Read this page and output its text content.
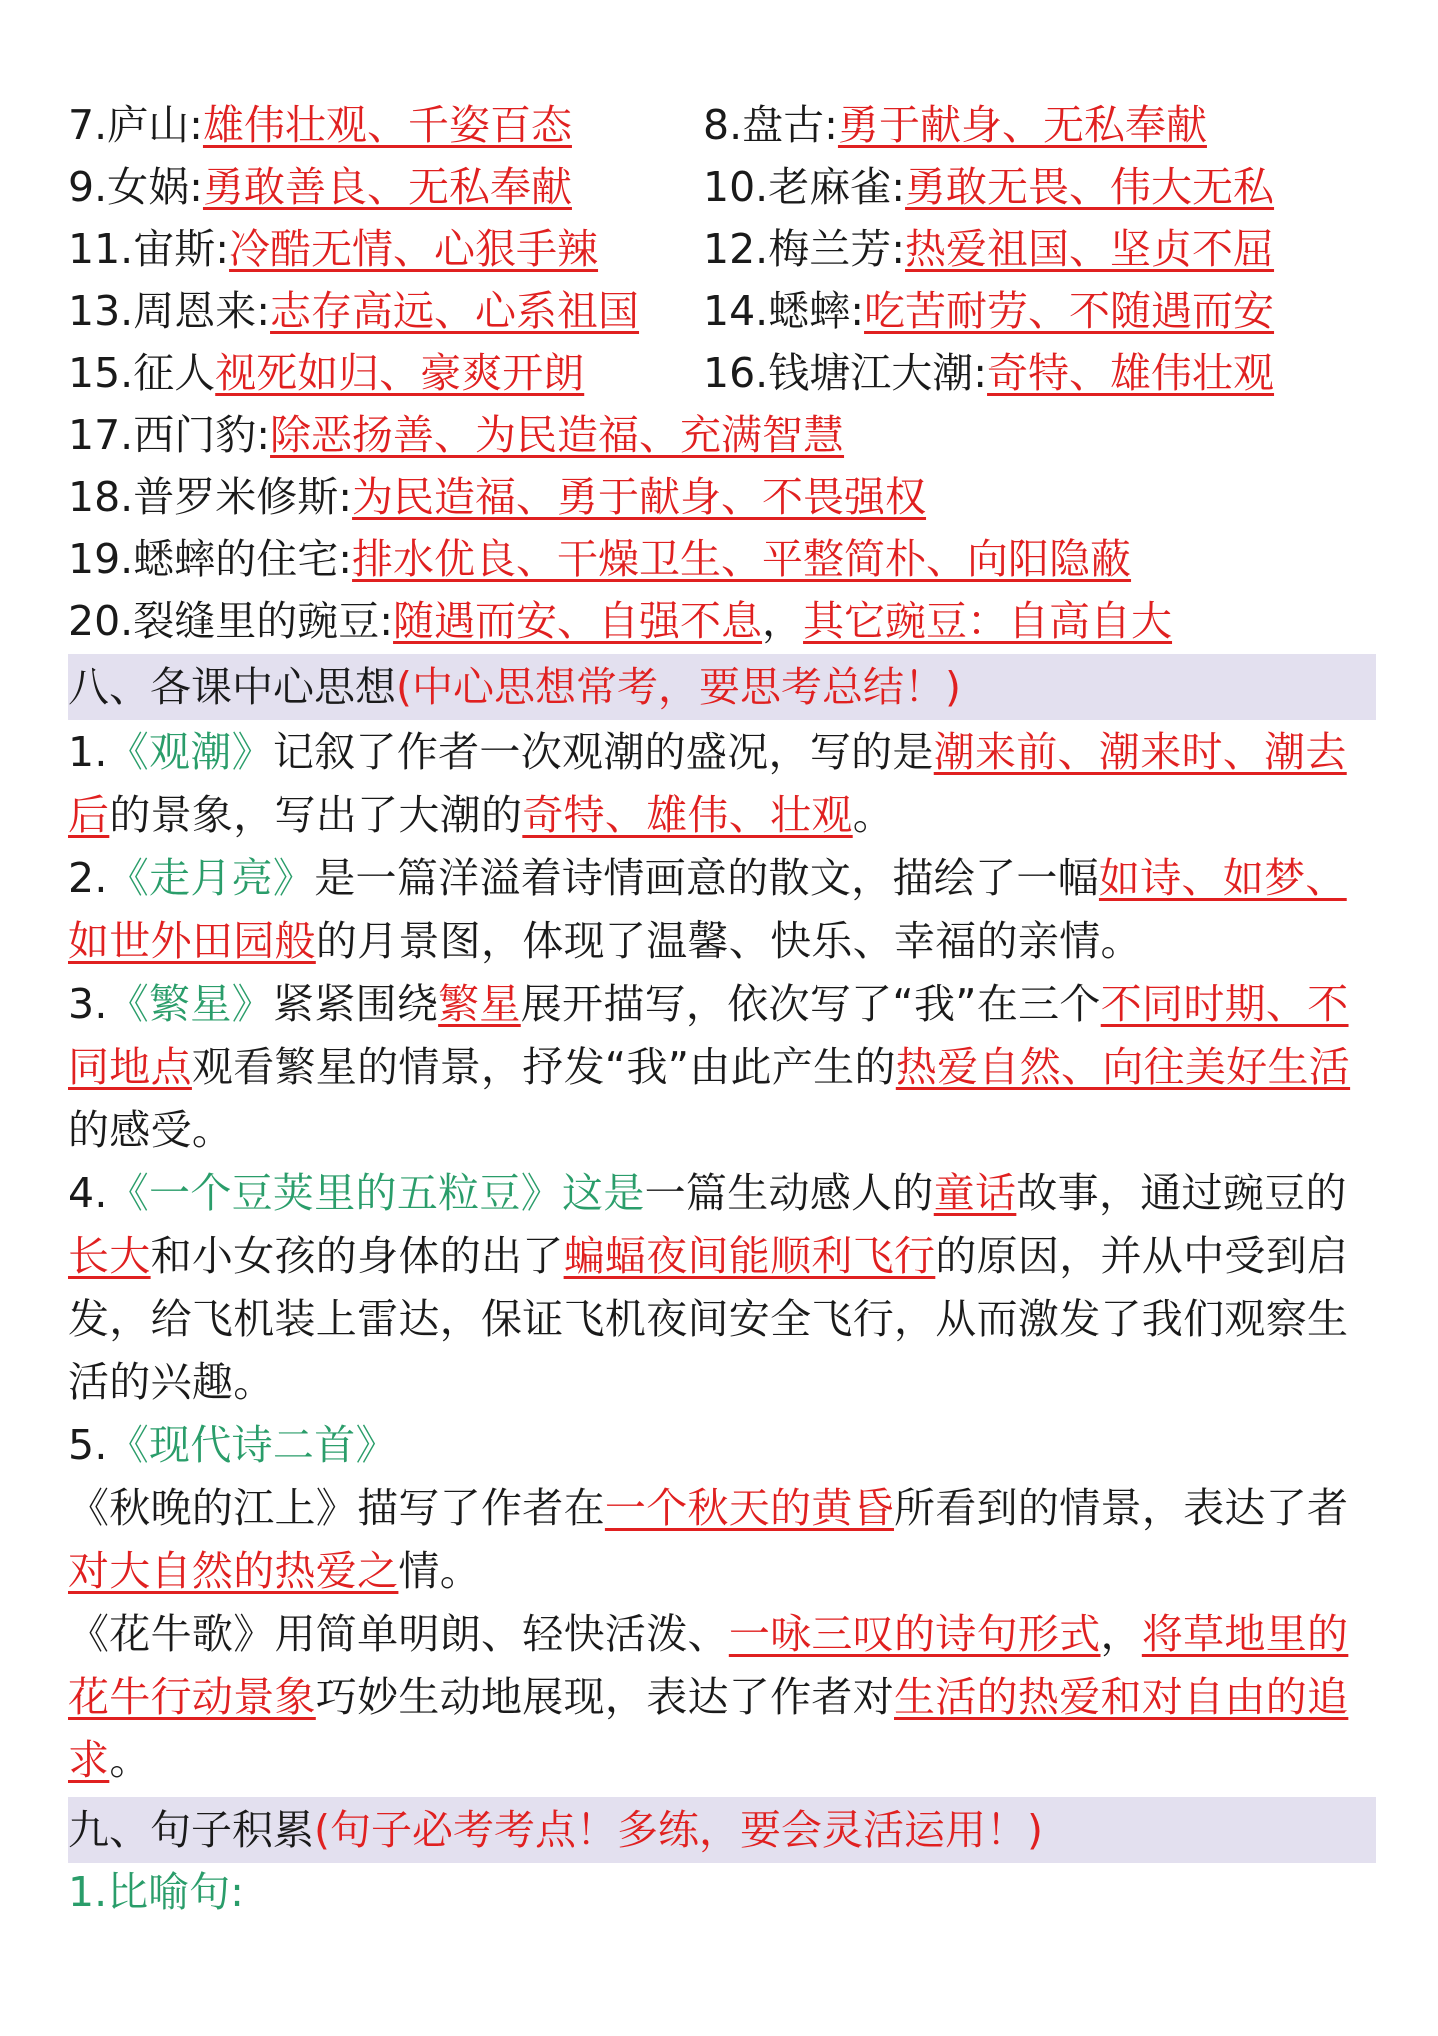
7.庐山:雄伟壮观、千姿百态	8.盘古:勇于献身、无私奉献
9.女娲:勇敢善良、无私奉献	10.老麻雀:勇敢无畏、伟大无私
11.宙斯:冷酷无情、心狠手辣	12.梅兰芳:热爱祖国、坚贞不屈
13.周恩来:志存高远、心系祖国 14.蟋蟀:吃苦耐劳、不随遇而安
15.征人视死如归、豪爽开朗	16.钱塘江大潮:奇特、雄伟壮观
17.西门豹:除恶扬善、为民造福、充满智慧
18.普罗米修斯:为民造福、勇于献身、不畏强权
19.蟋蟀的住宅:排水优良、干燥卫生、平整简朴、向阳隐蔽
20.裂缝里的豌豆:随遇而安、自强不息，其它豌豆：自高自大
八、各课中心思想(中心思想常考，要思考总结！)
1.《观潮》记叙了作者一次观潮的盛况，写的是潮来前、潮来时、潮去后的景象，写出了大潮的奇特、雄伟、壮观。
2.《走月亮》是一篇洋溢着诗情画意的散文，描绘了一幅如诗、如梦、如世外田园般的月景图，体现了温馨、快乐、幸福的亲情。
3.《繁星》紧紧围绕繁星展开描写，依次写了“我”在三个不同时期、不同地点观看繁星的情景，抒发“我”由此产生的热爱自然、向往美好生活的感受。
4.《一个豆荚里的五粒豆》这是一篇生动感人的童话故事，通过豌豆的长大和小女孩的身体的出了蝙蝠夜间能顺利飞行的原因，并从中受到启发，给飞机装上雷达，保证飞机夜间安全飞行，从而激发了我们观察生活的兴趣。
5.《现代诗二首》
《秋晚的江上》描写了作者在一个秋天的黄昏所看到的情景，表达了者对大自然的热爱之情。
《花牛歌》用简单明朗、轻快活泼、一咏三叹的诗句形式，将草地里的花牛行动景象巧妙生动地展现，表达了作者对生活的热爱和对自由的追求。
九、句子积累(句子必考考点！多练，要会灵活运用！)
1.比喻句:
